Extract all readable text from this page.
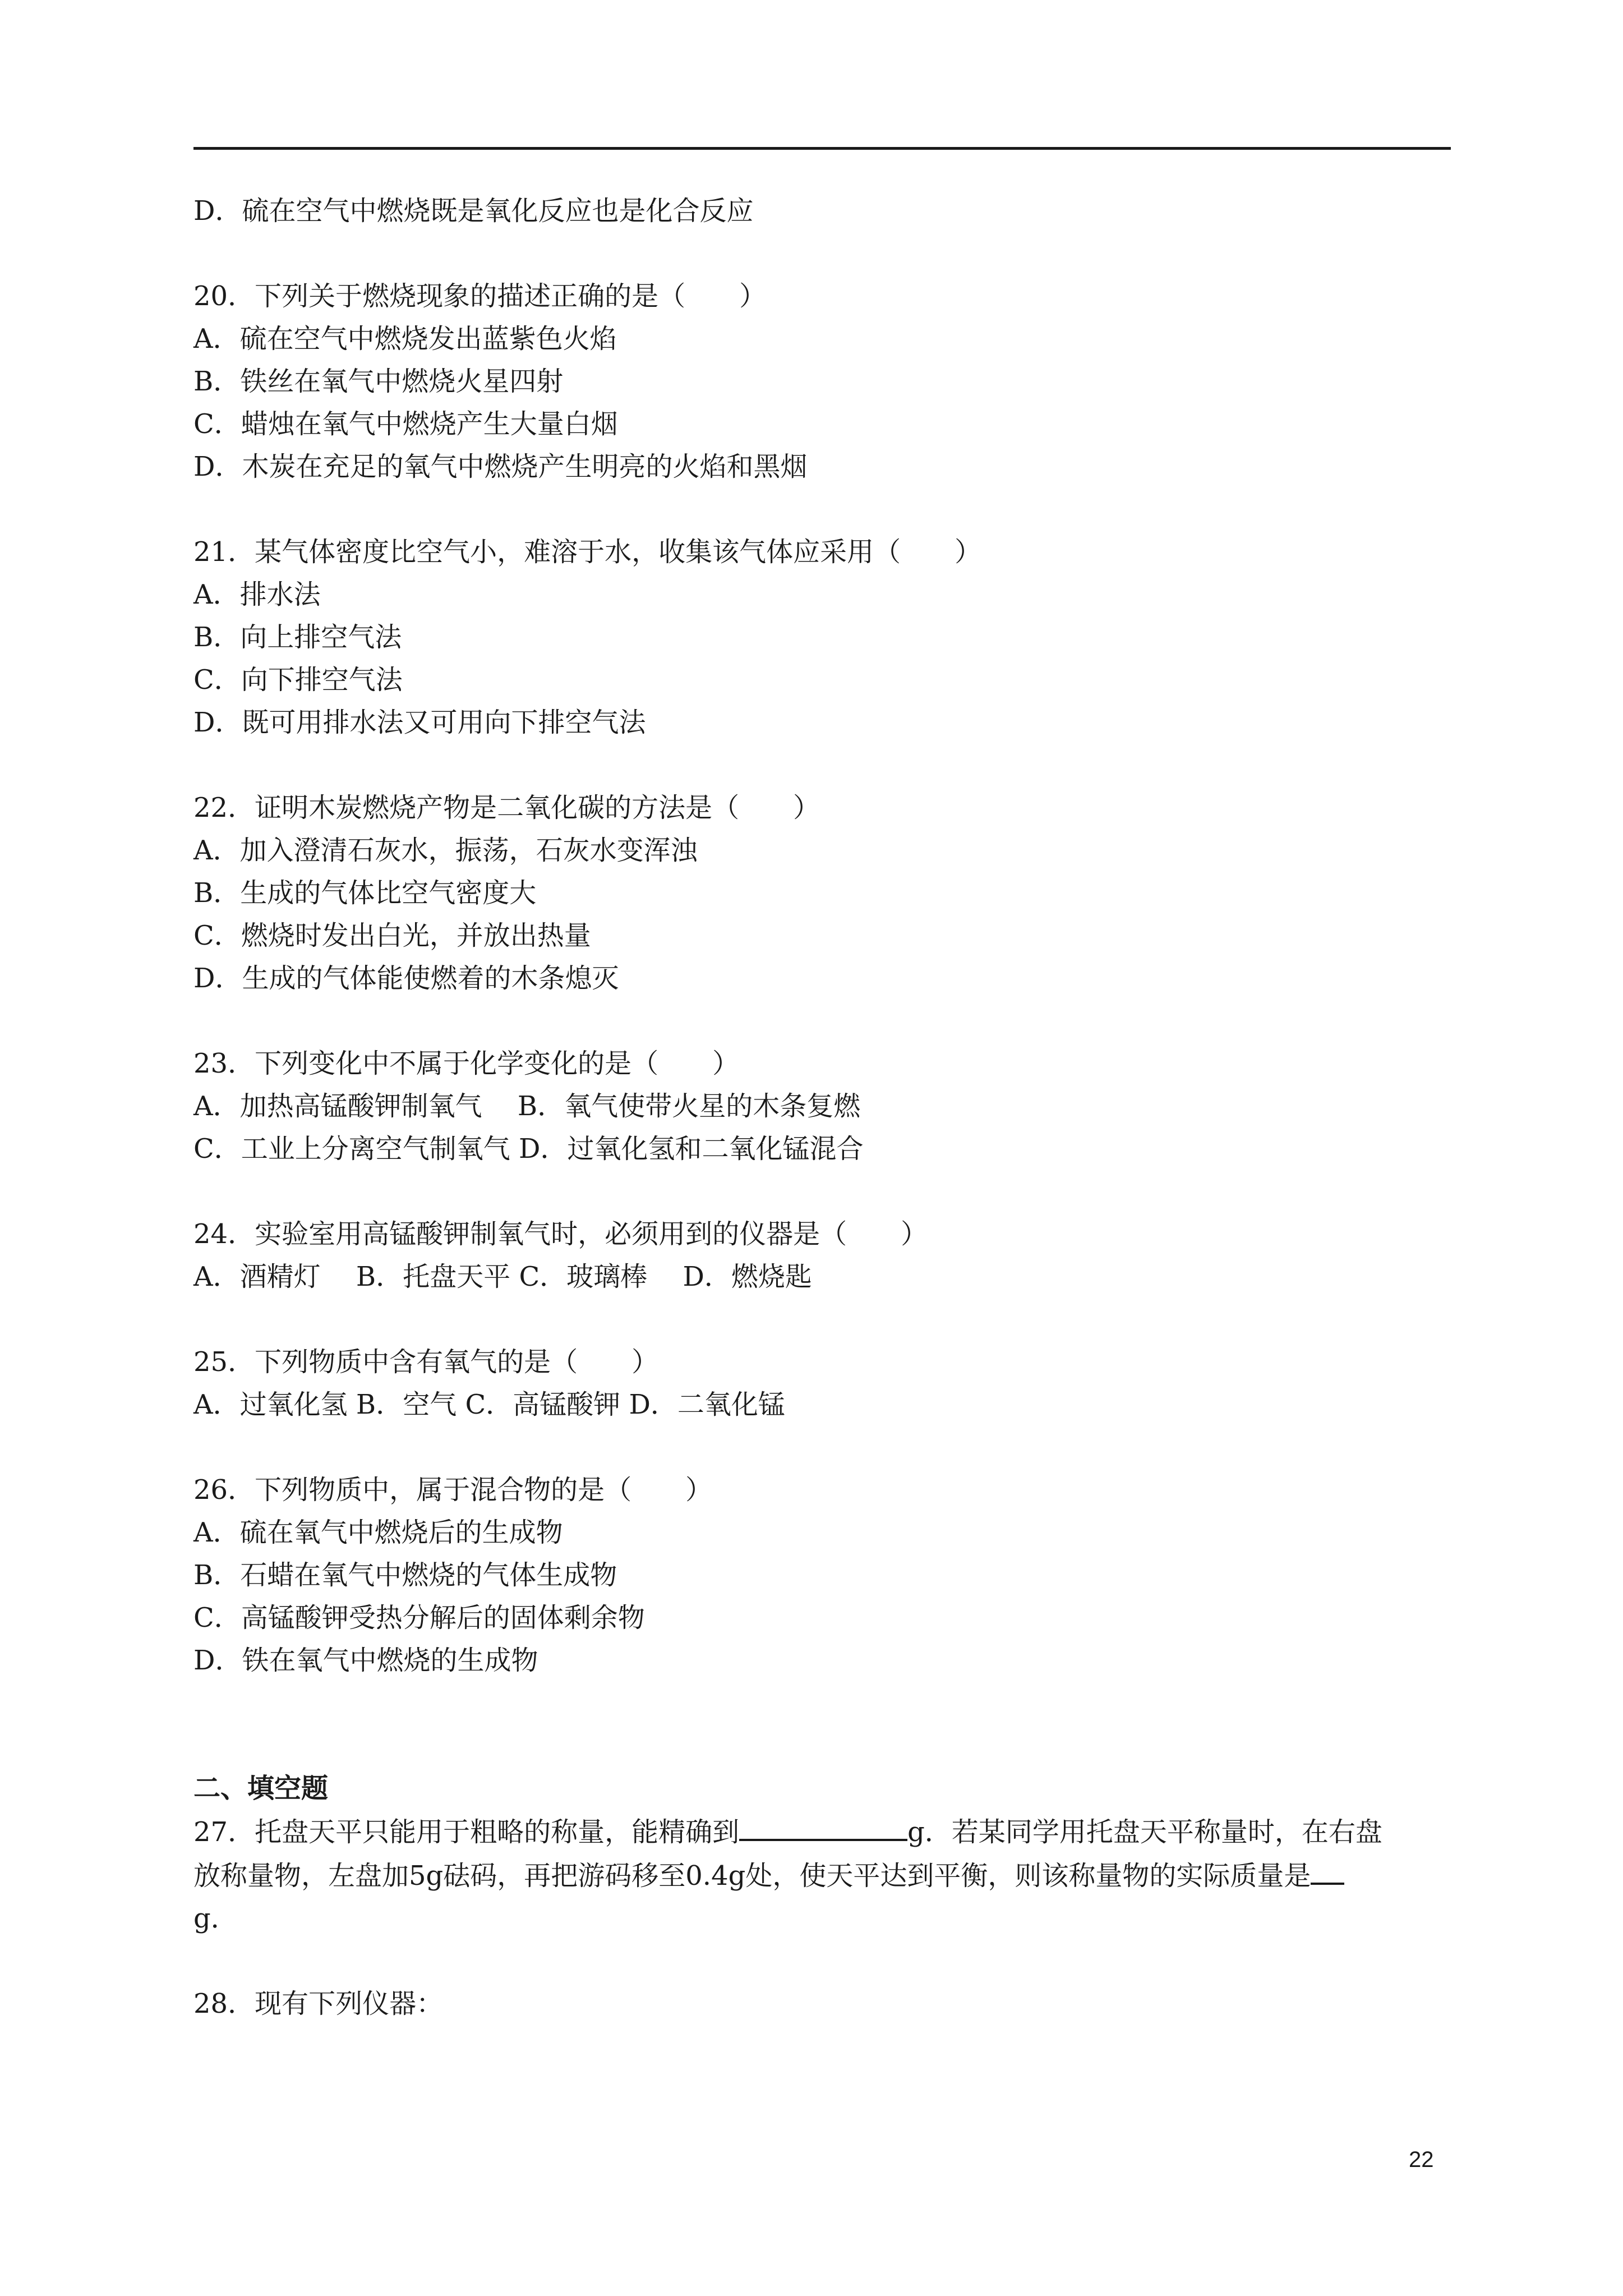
D．硫在空气中燃烧既是氧化反应也是化合反应
20．下列关于燃烧现象的描述正确的是（　　）
A．硫在空气中燃烧发出蓝紫色火焰
B．铁丝在氧气中燃烧火星四射
C．蜡烛在氧气中燃烧产生大量白烟
D．木炭在充足的氧气中燃烧产生明亮的火焰和黑烟
21．某气体密度比空气小，难溶于水，收集该气体应采用（　　）
A．排水法
B．向上排空气法
C．向下排空气法
D．既可用排水法又可用向下排空气法
22．证明木炭燃烧产物是二氧化碳的方法是（　　）
A．加入澄清石灰水，振荡，石灰水变浑浊
B．生成的气体比空气密度大
C．燃烧时发出白光，并放出热量
D．生成的气体能使燃着的木条熄灭
23．下列变化中不属于化学变化的是（　　）
A．加热高锰酸钾制氧气　 B．氧气使带火星的木条复燃
C．工业上分离空气制氧气 D．过氧化氢和二氧化锰混合
24．实验室用高锰酸钾制氧气时，必须用到的仪器是（　　）
A．酒精灯　 B．托盘天平 C．玻璃棒　 D．燃烧匙
25．下列物质中含有氧气的是（　　）
A．过氧化氢 B．空气 C．高锰酸钾 D．二氧化锰
26．下列物质中，属于混合物的是（　　）
A．硫在氧气中燃烧后的生成物
B．石蜡在氧气中燃烧的气体生成物
C．高锰酸钾受热分解后的固体剩余物
D．铁在氧气中燃烧的生成物
二、填空题
27．托盘天平只能用于粗略的称量，能精确到	g．若某同学用托盘天平称量时，在右盘
放称量物，左盘加5g砝码，再把游码移至0.4g处，使天平达到平衡，则该称量物的实际质量是
g．
28．现有下列仪器：
22
